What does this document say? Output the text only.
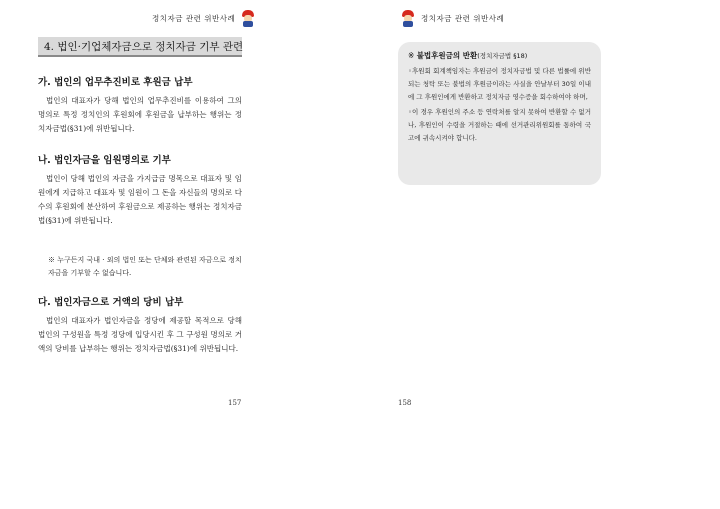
정치자금 관련 위반사례
4. 법인·기업체자금으로 정치자금 기부 관련
가. 법인의 업무추진비로 후원금 납부
법인의 대표자가 당해 법인의 업무추진비를 이용하여 그의 명의로 특정 정치인의 후원회에 후원금을 납부하는 행위는 정치자금법(§31)에 위반됩니다.
나. 법인자금을 임원명의로 기부
법인이 당해 법인의 자금을 가지급금 명목으로 대표자 및 임원에게 지급하고 대표자 및 임원이 그 돈을 자신들의 명의로 다수의 후원회에 분산하여 후원금으로 제공하는 행위는 정치자금법(§31)에 위반됩니다.
※ 누구든지 국내 · 외의 법인 또는 단체와 관련된 자금으로 정치자금을 기부할 수 없습니다.
다. 법인자금으로 거액의 당비 납부
법인의 대표자가 법인자금을 정당에 제공할 목적으로 당해 법인의 구성원을 특정 정당에 입당시킨 후 그 구성원 명의로 거액의 당비를 납부하는 행위는 정치자금법(§31)에 위반됩니다.
157
정치자금 관련 위반사례
※ 불법후원금의 반환(정치자금법 §18)
◦후원회 회계책임자는 후원금이 정치자금법 및 다른 법률에 위반되는 청탁 또는 불법의 후원금이라는 사실을 안날부터 30일 이내에 그 후원인에게 반환하고 정치자금 영수증을 회수하여야 하며,
◦이 경우 후원인의 주소 등 연락처를 알지 못하여 반환할 수 없거나, 후원인이 수령을 거절하는 때에 선거관리위원회를 통하여 국고에 귀속시켜야 합니다.
158
